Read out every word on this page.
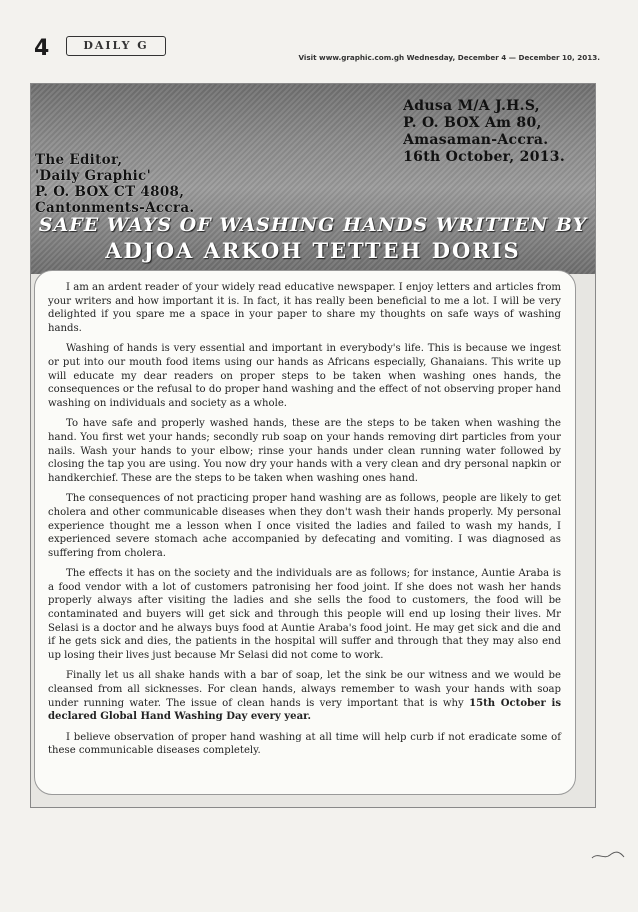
4	DAILY G
Visit www.graphic.com.gh Wednesday, December 4 — December 10, 2013.
Adusa M/A J.H.S,
P. O. BOX Am 80,
Amasaman-Accra.
16th October, 2013.
The Editor,
'Daily Graphic'
P. O. BOX CT 4808,
Cantonments-Accra.
SAFE WAYS OF WASHING HANDS WRITTEN BY
ADJOA ARKOH TETTEH DORIS

I am an ardent reader of your widely read educative newspaper. I enjoy letters and articles from your writers and how important it is. In fact, it has really been beneficial to me a lot. I will be very delighted if you spare me a space in your paper to share my thoughts on safe ways of washing hands.

Washing of hands is very essential and important in everybody's life. This is because we ingest or put into our mouth food items using our hands as Africans especially, Ghanaians. This write up will educate my dear readers on proper steps to be taken when washing ones hands, the consequences or the refusal to do proper hand washing and the effect of not observing proper hand washing on individuals and society as a whole.

To have safe and properly washed hands, these are the steps to be taken when washing the hand. You first wet your hands; secondly rub soap on your hands removing dirt particles from your nails. Wash your hands to your elbow; rinse your hands under clean running water followed by closing the tap you are using. You now dry your hands with a very clean and dry personal napkin or handkerchief. These are the steps to be taken when washing ones hand.

The consequences of not practicing proper hand washing are as follows, people are likely to get cholera and other communicable diseases when they don't wash their hands properly. My personal experience thought me a lesson when I once visited the ladies and failed to wash my hands, I experienced severe stomach ache accompanied by defecating and vomiting. I was diagnosed as suffering from cholera.

The effects it has on the society and the individuals are as follows; for instance, Auntie Araba is a food vendor with a lot of customers patronising her food joint. If she does not wash her hands properly always after visiting the ladies and she sells the food to customers, the food will be contaminated and buyers will get sick and through this people will end up losing their lives. Mr Selasi is a doctor and he always buys food at Auntie Araba's food joint. He may get sick and die and if he gets sick and dies, the patients in the hospital will suffer and through that they may also end up losing their lives just because Mr Selasi did not come to work.

Finally let us all shake hands with a bar of soap, let the sink be our witness and we would be cleansed from all sicknesses. For clean hands, always remember to wash your hands with soap under running water. The issue of clean hands is very important that is why 15th October is declared Global Hand Washing Day every year.

I believe observation of proper hand washing at all time will help curb if not eradicate some of these communicable diseases completely.
